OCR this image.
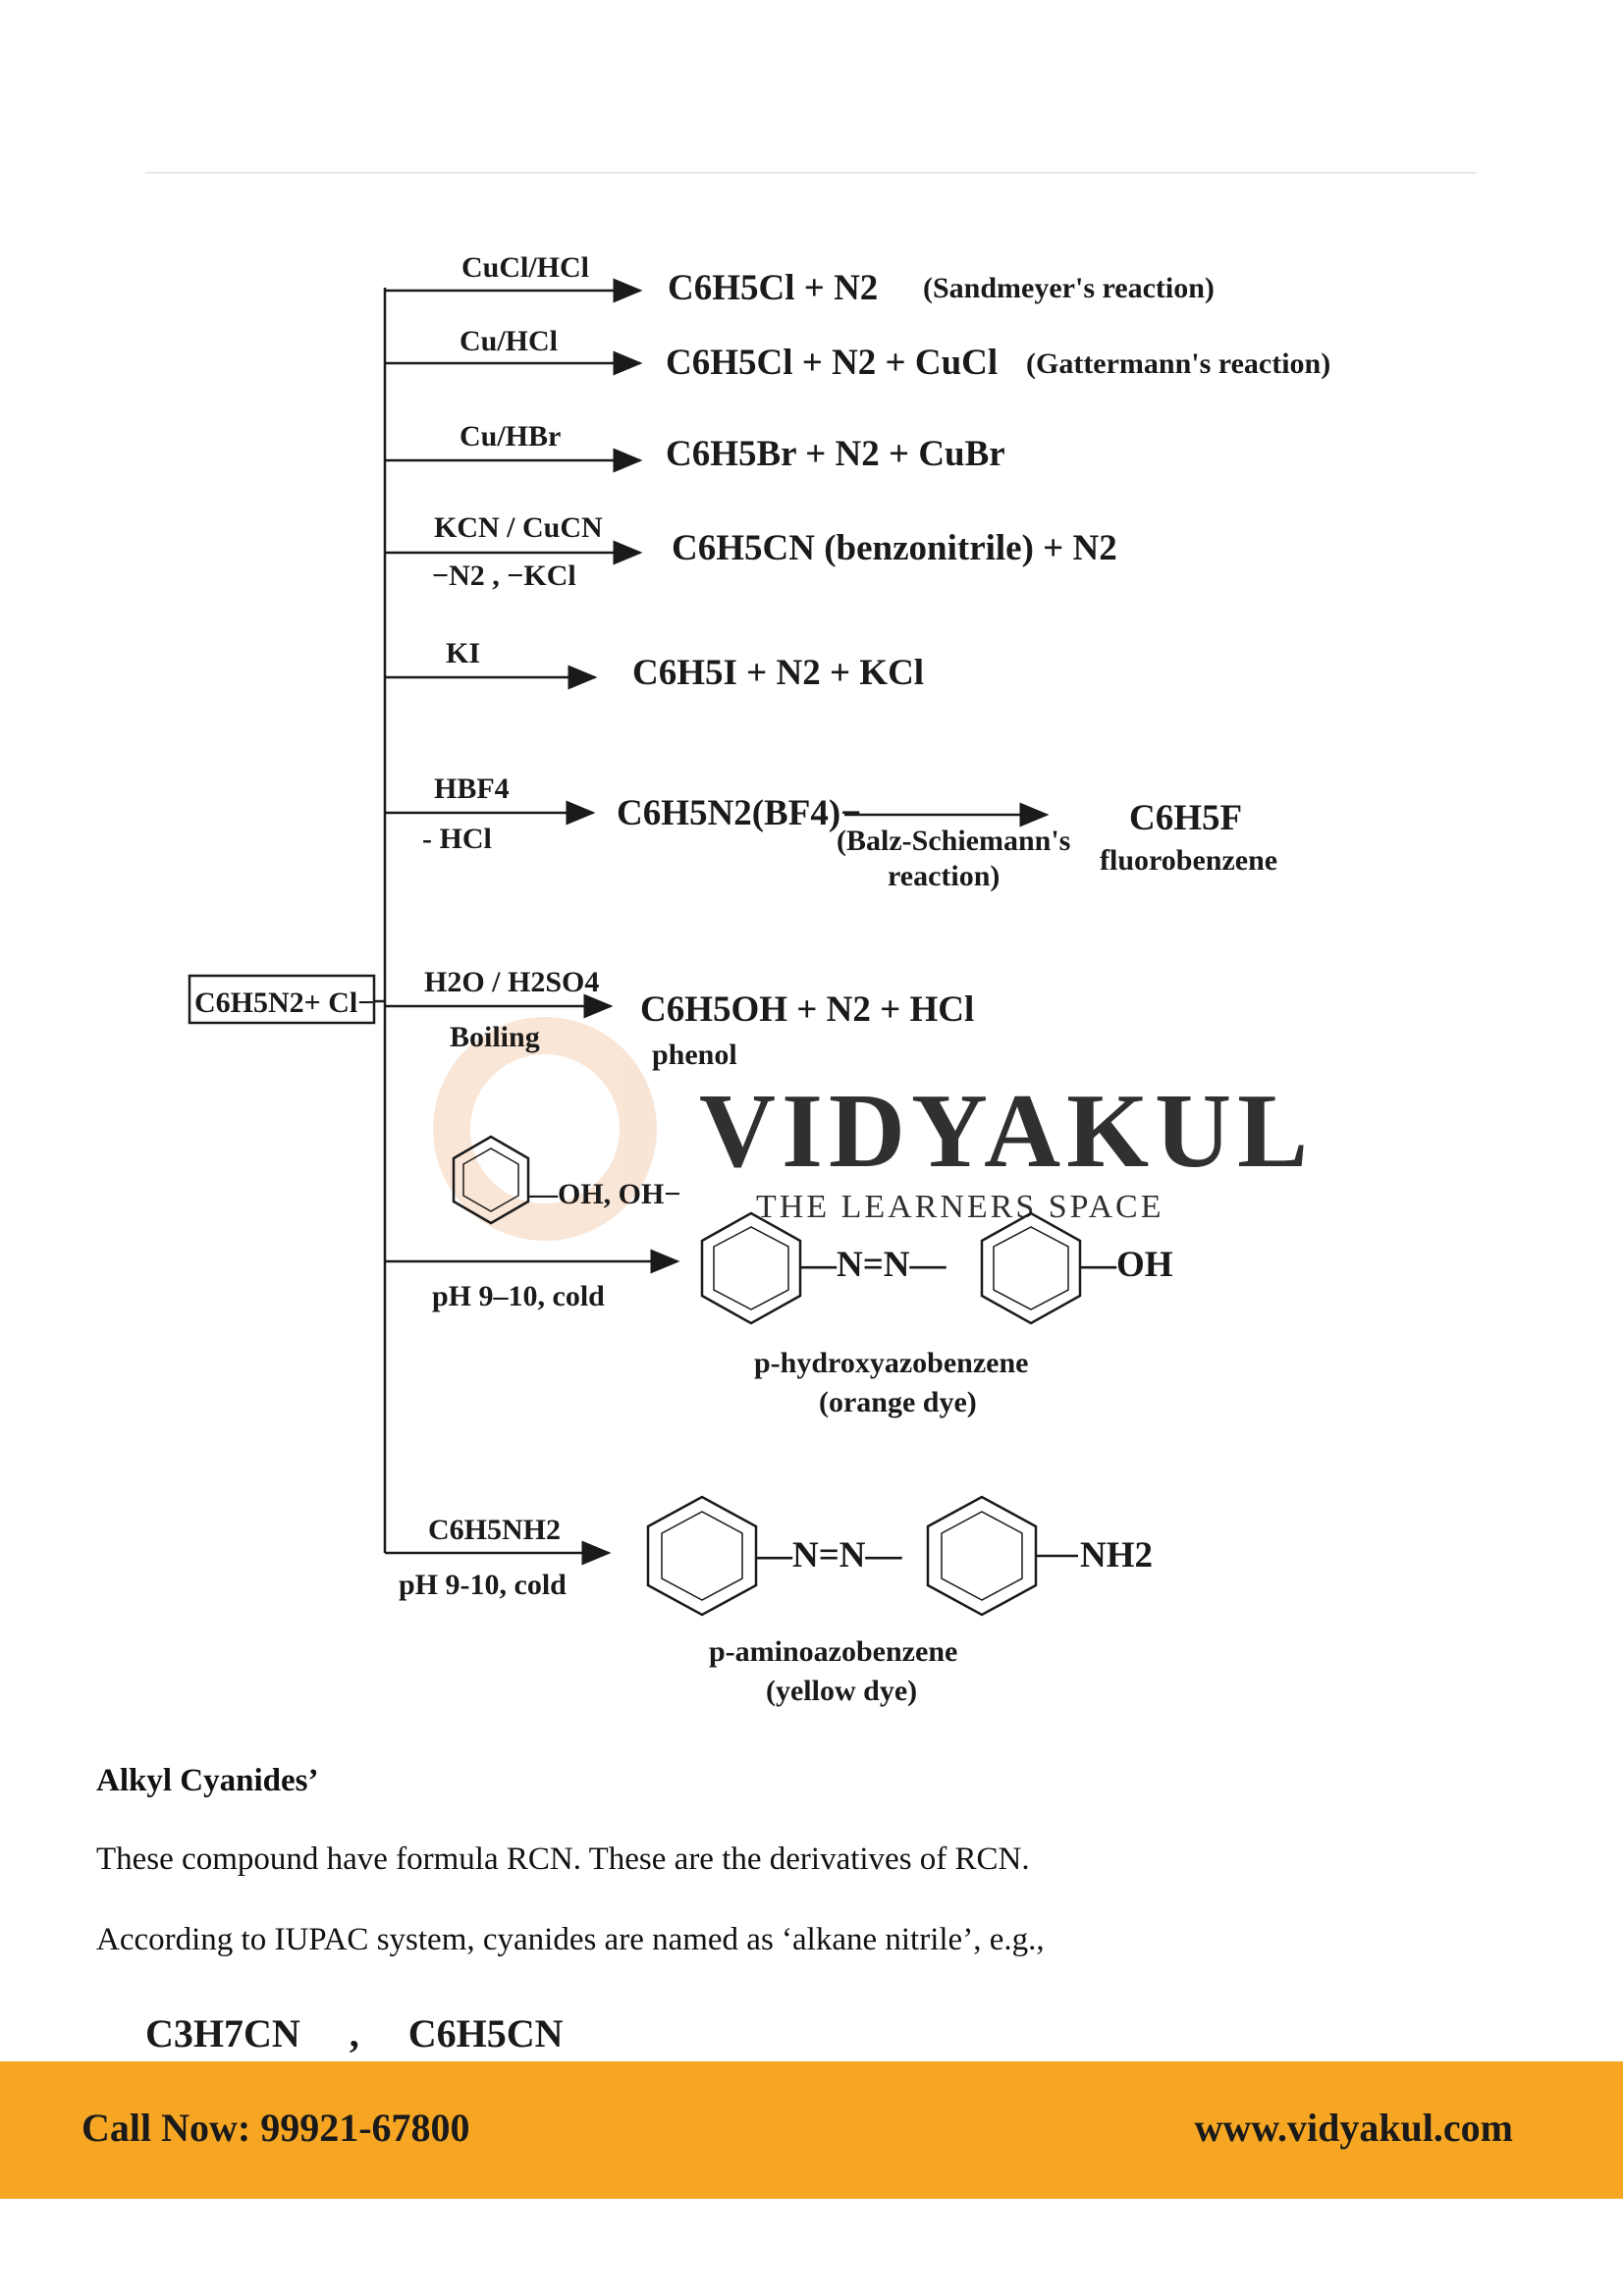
VIDYAKUL
THE LEARNERS SPACE
C6H5N2+ Cl−
CuCl/HCl
C6H5Cl + N2 (Sandmeyer's reaction)
Cu/HCl
C6H5Cl + N2 + CuCl (Gattermann's reaction)
Cu/HBr	C6H5Br + N2 + CuBr
KCN / CuCN
−N2 , −KCl
C6H5CN (benzonitrile) + N2
KI	C6H5I + N2 + KCl
HBF4
- HCl
C6H5N2(BF4)−
(Balz-Schiemann's
reaction)
C6H5F
fluorobenzene
H2O / H2SO4
Boiling
C6H5OH + N2 + HCl
phenol
—OH, OH−
pH 9–10, cold
—N=N—	—OH
p-hydroxyazobenzene
(orange dye)
C6H5NH2
pH 9-10, cold
—N=N—	NH2
p-aminoazobenzene
(yellow dye)
Alkyl Cyanides’
These compound have formula RCN. These are the derivatives of RCN.
According to IUPAC system, cyanides are named as ‘alkane nitrile’, e.g.,
C3H7CN , C6H5CN
Call Now: 99921-67800	www.vidyakul.com
